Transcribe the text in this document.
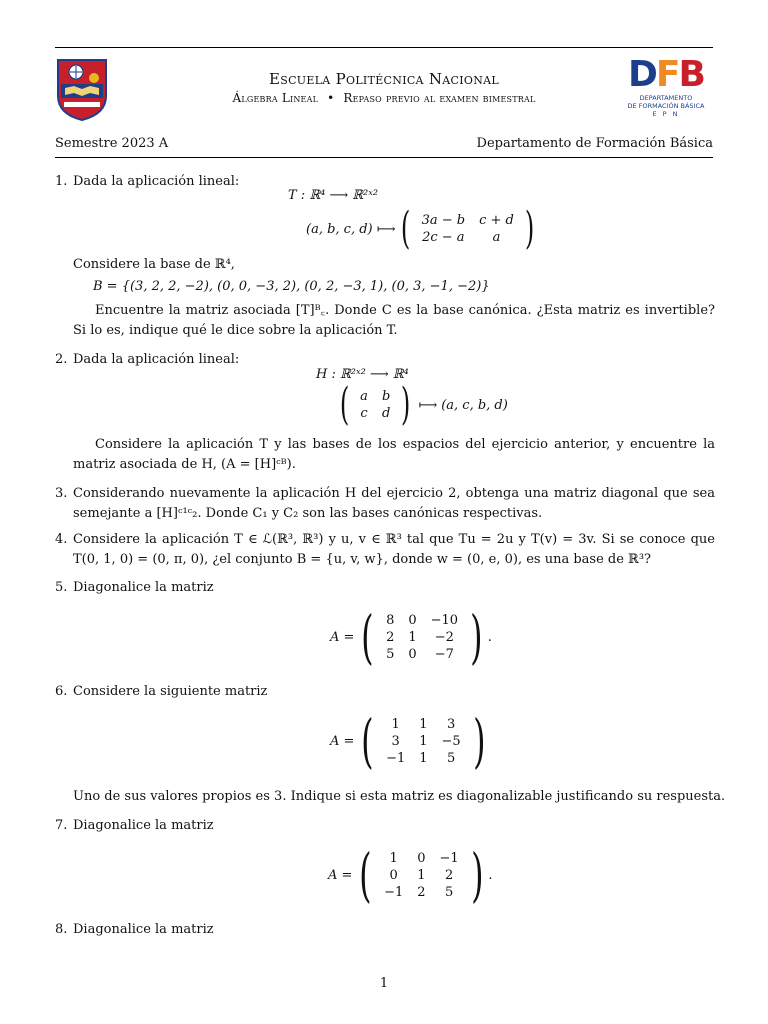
Escuela Politécnica Nacional
Álgebra Lineal • Repaso previo al examen bimestral
DFB
DEPARTAMENTO
DE FORMACIÓN BÁSICA
E P N
Semestre 2023 A	Departamento de Formación Básica
1. Dada la aplicación lineal:
T : ℝ⁴ ⟶ ℝ²ˣ²
(a, b, c, d) ⟼ ( 3a − b	c + d
2c − a	a )
Considere la base de ℝ⁴,
B = {(3, 2, 2, −2), (0, 0, −3, 2), (0, 2, −3, 1), (0, 3, −1, −2)}
Encuentre la matriz asociada [T]ᴮ꜀. Donde C es la base canónica. ¿Esta matriz es invertible? Si lo es, indique qué le dice sobre la aplicación T.
2. Dada la aplicación lineal:
H : ℝ²ˣ² ⟶ ℝ⁴
( a	b
c	d ) ⟼ (a, c, b, d)
Considere la aplicación T y las bases de los espacios del ejercicio anterior, y encuentre la matriz asociada de H, (A = [H]ᶜᴮ).
3. Considerando nuevamente la aplicación H del ejercicio 2, obtenga una matriz diagonal que sea semejante a [H]ᶜ¹ᶜ₂. Donde C₁ y C₂ son las bases canónicas respectivas.
4. Considere la aplicación T ∈ ℒ(ℝ³, ℝ³) y u, v ∈ ℝ³ tal que Tu = 2u y T(v) = 3v. Si se conoce que T(0, 1, 0) = (0, π, 0), ¿el conjunto B = {u, v, w}, donde w = (0, e, 0), es una base de ℝ³?
5. Diagonalice la matriz
A = ( 8	0	−10
2	1	−2
5	0	−7 ) .
6. Considere la siguiente matriz
A = ( 1	1	3
3	1	−5
−1	1	5 )
Uno de sus valores propios es 3. Indique si esta matriz es diagonalizable justificando su respuesta.
7. Diagonalice la matriz
A = ( 1	0	−1
0	1	2
−1	2	5 ) .
8. Diagonalice la matriz
1
